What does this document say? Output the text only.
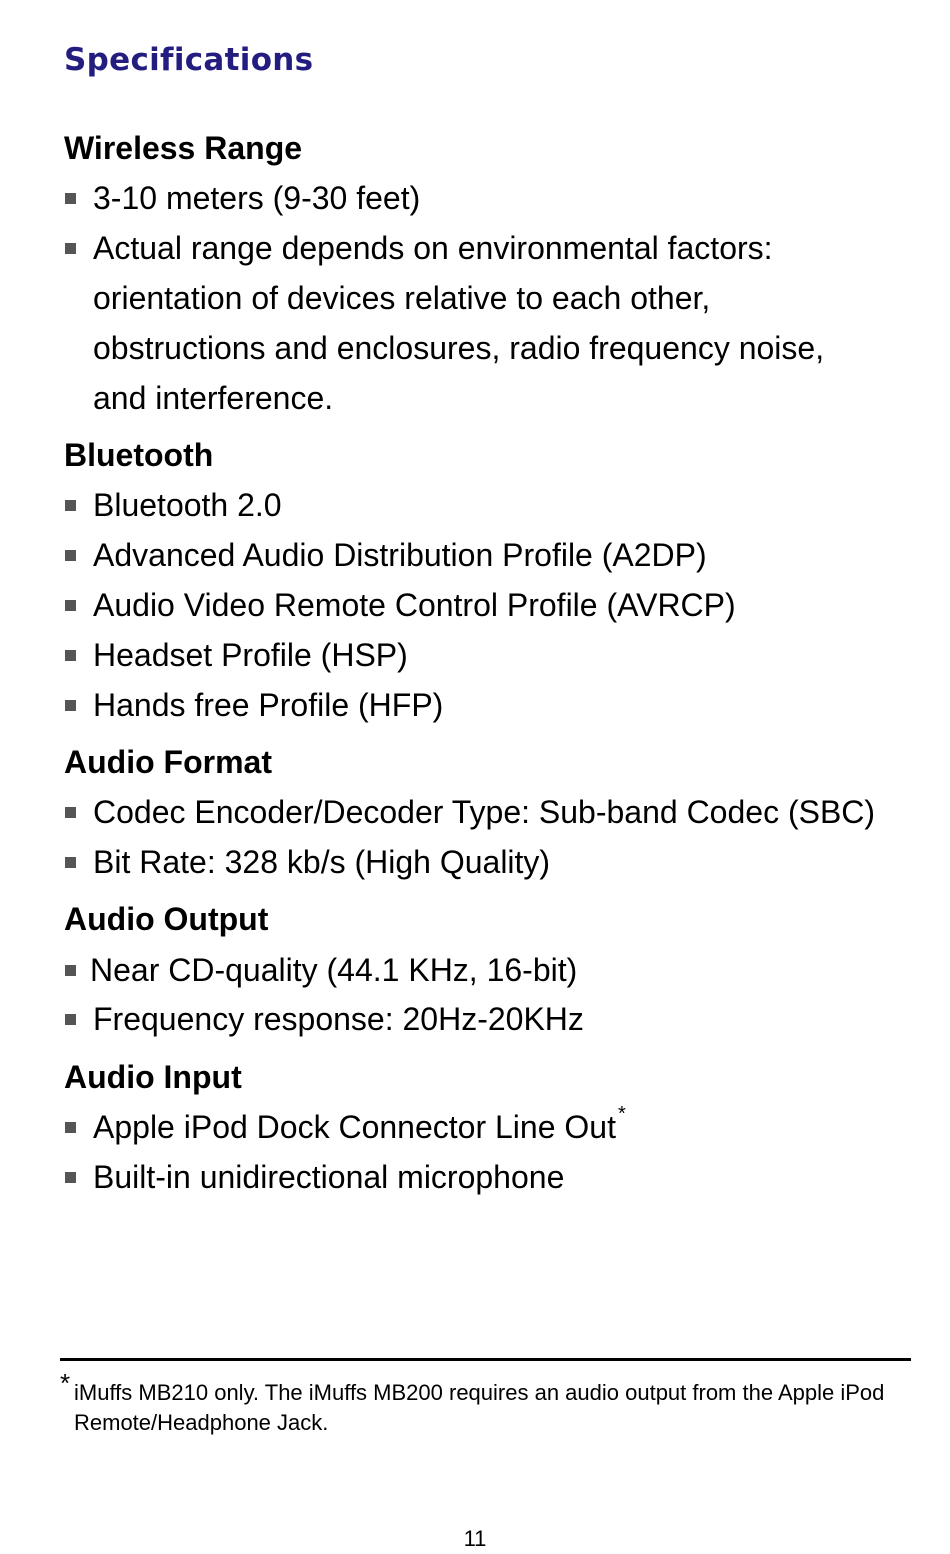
Specifications
Wireless Range
3-10 meters (9-30 feet)
Actual range depends on environmental factors: orientation of devices relative to each other, obstructions and enclosures, radio frequency noise, and interference.
Bluetooth
Bluetooth 2.0
Advanced Audio Distribution Profile (A2DP)
Audio Video Remote Control Profile (AVRCP)
Headset Profile (HSP)
Hands free Profile (HFP)
Audio Format
Codec Encoder/Decoder Type: Sub-band Codec (SBC)
Bit Rate: 328 kb/s (High Quality)
Audio Output
Near CD-quality (44.1 KHz, 16-bit)
Frequency response: 20Hz-20KHz
Audio Input
Apple iPod Dock Connector Line Out *
Built-in unidirectional microphone
* iMuffs MB210 only. The iMuffs MB200 requires an audio output from the Apple iPod Remote/Headphone Jack.
11
